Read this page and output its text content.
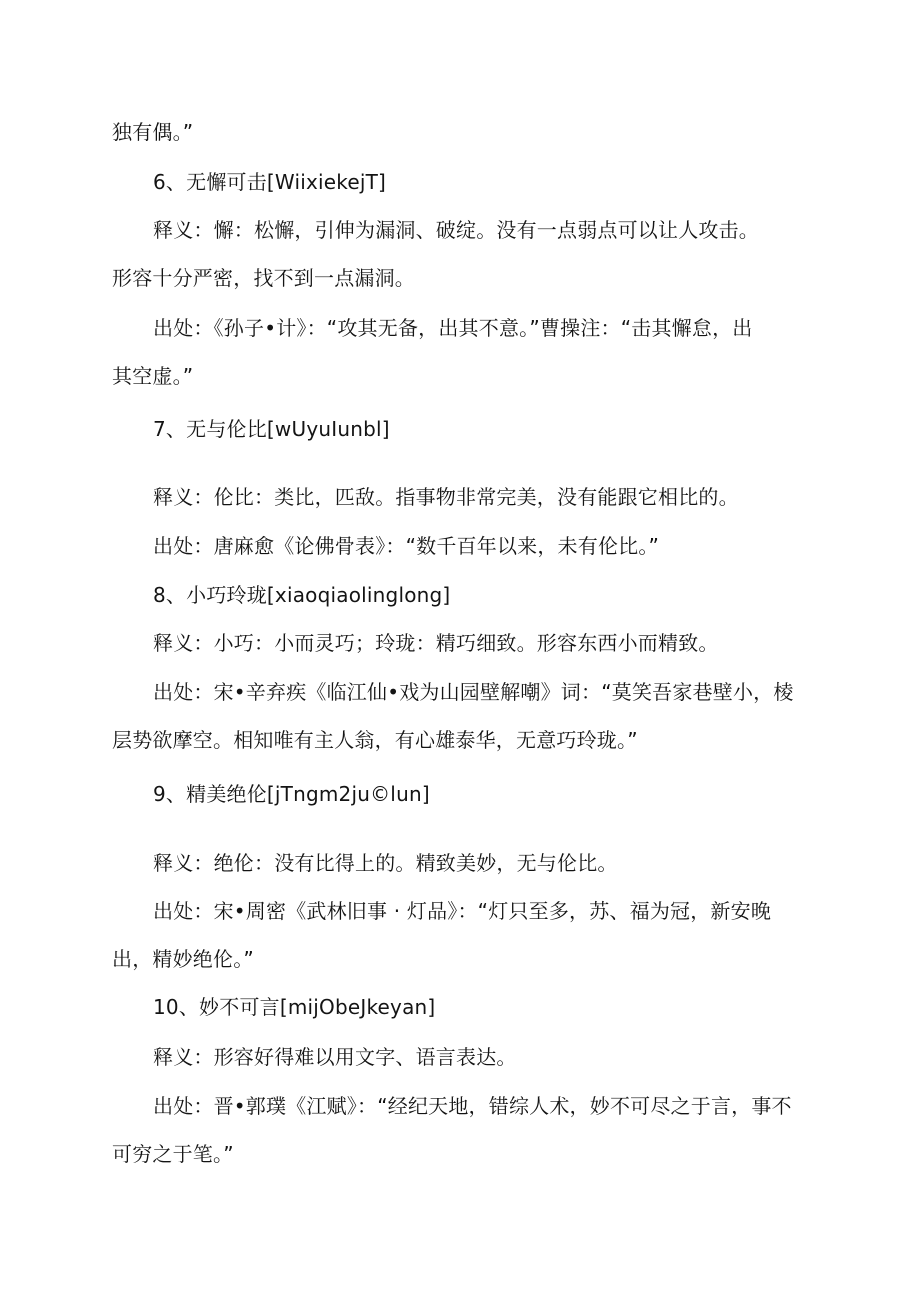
独有偶。”
6、无懈可击[WiixiekejT]
释义：懈：松懈，引伸为漏洞、破绽。没有一点弱点可以让人攻击。
形容十分严密，找不到一点漏洞。
出处：《孙子•计》：“攻其无备，出其不意。”曹操注：“击其懈怠，出
其空虚。”
7、无与伦比[wUyuIunbl]
释义：伦比：类比，匹敌。指事物非常完美，没有能跟它相比的。
出处：唐麻愈《论佛骨表》：“数千百年以来，未有伦比。”
8、小巧玲珑[xiaoqiaolinglong]
释义：小巧：小而灵巧；玲珑：精巧细致。形容东西小而精致。
出处：宋•辛弃疾《临江仙•戏为山园壁解嘲》词：“莫笑吾家巷壁小，棱
层势欲摩空。相知唯有主人翁，有心雄泰华，无意巧玲珑。”
9、精美绝伦[jTngm2ju©lun]
释义：绝伦：没有比得上的。精致美妙，无与伦比。
出处：宋•周密《武林旧事 · 灯品》：“灯只至多，苏、福为冠，新安晚
出，精妙绝伦。”
10、妙不可言[mijObeJkeyan]
释义：形容好得难以用文字、语言表达。
出处：晋•郭璞《江赋》：“经纪天地，错综人术，妙不可尽之于言，事不
可穷之于笔。”
